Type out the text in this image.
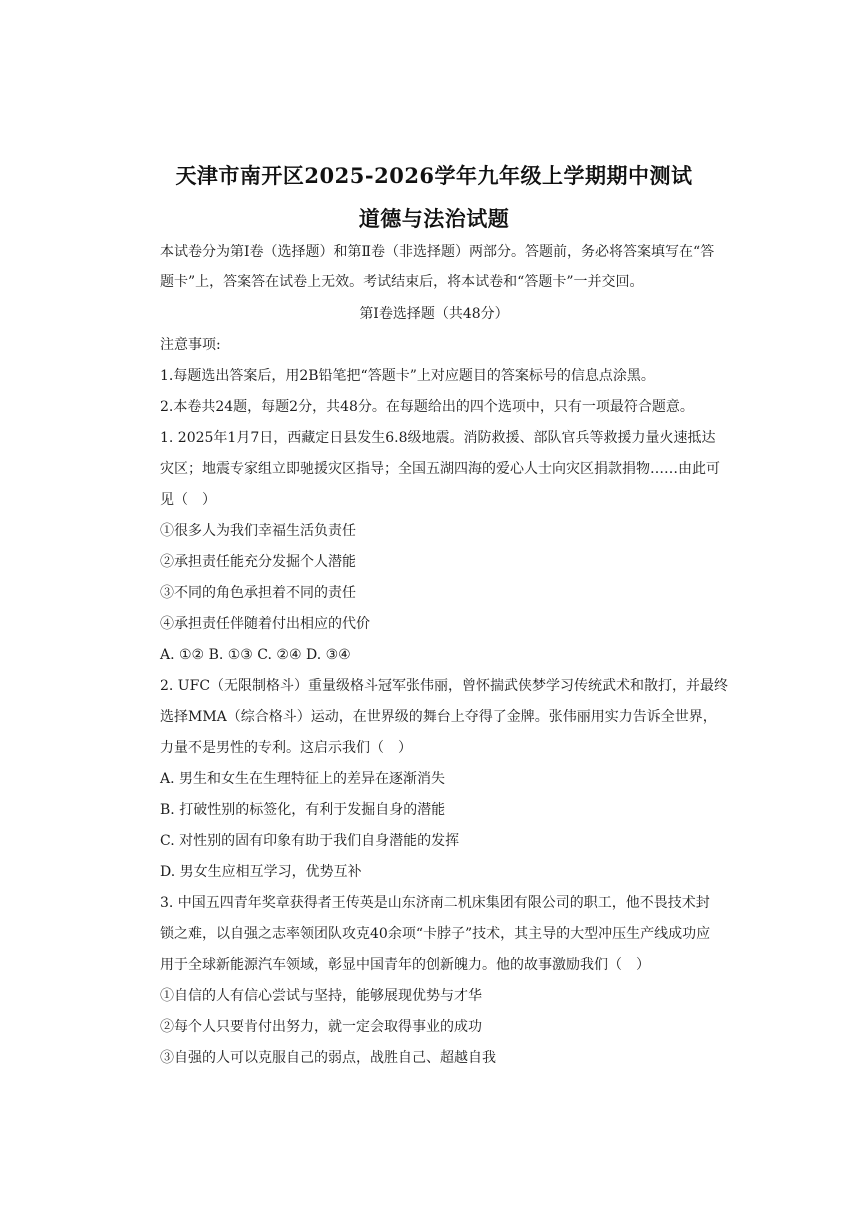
天津市南开区2025-2026学年九年级上学期期中测试
道德与法治试题
本试卷分为第Ⅰ卷（选择题）和第Ⅱ卷（非选择题）两部分。答题前，务必将答案填写在“答
题卡”上，答案答在试卷上无效。考试结束后，将本试卷和“答题卡”一并交回。
第Ⅰ卷选择题（共48分）
注意事项:
1.每题选出答案后，用2B铅笔把“答题卡”上对应题目的答案标号的信息点涂黑。
2.本卷共24题，每题2分，共48分。在每题给出的四个选项中，只有一项最符合题意。
1. 2025年1月7日，西藏定日县发生6.8级地震。消防救援、部队官兵等救援力量火速抵达
灾区；地震专家组立即驰援灾区指导；全国五湖四海的爱心人士向灾区捐款捐物……由此可
见（　）
①很多人为我们幸福生活负责任
②承担责任能充分发掘个人潜能
③不同的角色承担着不同的责任
④承担责任伴随着付出相应的代价
A. ①② B. ①③ C. ②④ D. ③④
2. UFC（无限制格斗）重量级格斗冠军张伟丽，曾怀揣武侠梦学习传统武术和散打，并最终
选择MMA（综合格斗）运动，在世界级的舞台上夺得了金牌。张伟丽用实力告诉全世界，
力量不是男性的专利。这启示我们（　）
A. 男生和女生在生理特征上的差异在逐渐消失
B. 打破性别的标签化，有利于发掘自身的潜能
C. 对性别的固有印象有助于我们自身潜能的发挥
D. 男女生应相互学习，优势互补
3. 中国五四青年奖章获得者王传英是山东济南二机床集团有限公司的职工，他不畏技术封
锁之难，以自强之志率领团队攻克40余项“卡脖子”技术，其主导的大型冲压生产线成功应
用于全球新能源汽车领域，彰显中国青年的创新魄力。他的故事激励我们（　）
①自信的人有信心尝试与坚持，能够展现优势与才华
②每个人只要肯付出努力，就一定会取得事业的成功
③自强的人可以克服自己的弱点，战胜自己、超越自我
